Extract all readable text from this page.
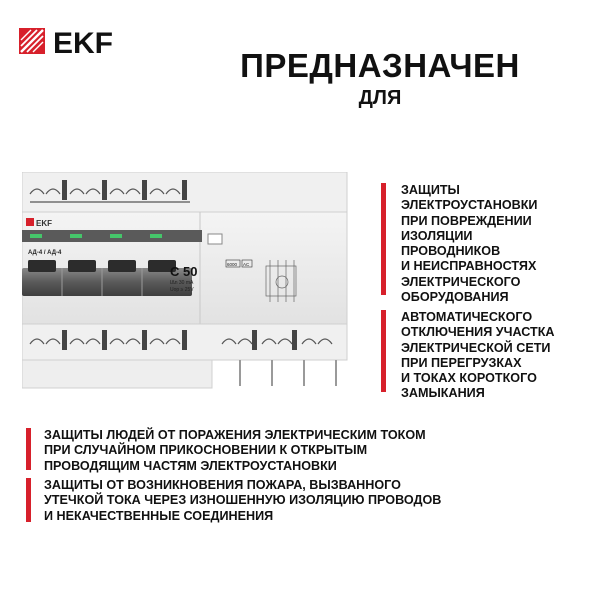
EKF
ПРЕДНАЗНАЧЕН
ДЛЯ
EKF
АД-4 / АД-4
C 50
IΔn 30 mA
Uop ≥ 25V
6000 AC
ЗАЩИТЫ
ЭЛЕКТРОУСТАНОВКИ
ПРИ ПОВРЕЖДЕНИИ
ИЗОЛЯЦИИ
ПРОВОДНИКОВ
И НЕИСПРАВНОСТЯХ
ЭЛЕКТРИЧЕСКОГО
ОБОРУДОВАНИЯ
АВТОМАТИЧЕСКОГО
ОТКЛЮЧЕНИЯ УЧАСТКА
ЭЛЕКТРИЧЕСКОЙ СЕТИ
ПРИ ПЕРЕГРУЗКАХ
И ТОКАХ КОРОТКОГО
ЗАМЫКАНИЯ
ЗАЩИТЫ ЛЮДЕЙ ОТ ПОРАЖЕНИЯ ЭЛЕКТРИЧЕСКИМ ТОКОМ
ПРИ СЛУЧАЙНОМ ПРИКОСНОВЕНИИ К ОТКРЫТЫМ
ПРОВОДЯЩИМ ЧАСТЯМ ЭЛЕКТРОУСТАНОВКИ
ЗАЩИТЫ ОТ ВОЗНИКНОВЕНИЯ ПОЖАРА, ВЫЗВАННОГО
УТЕЧКОЙ ТОКА ЧЕРЕЗ ИЗНОШЕННУЮ ИЗОЛЯЦИЮ ПРОВОДОВ
И НЕКАЧЕСТВЕННЫЕ СОЕДИНЕНИЯ
